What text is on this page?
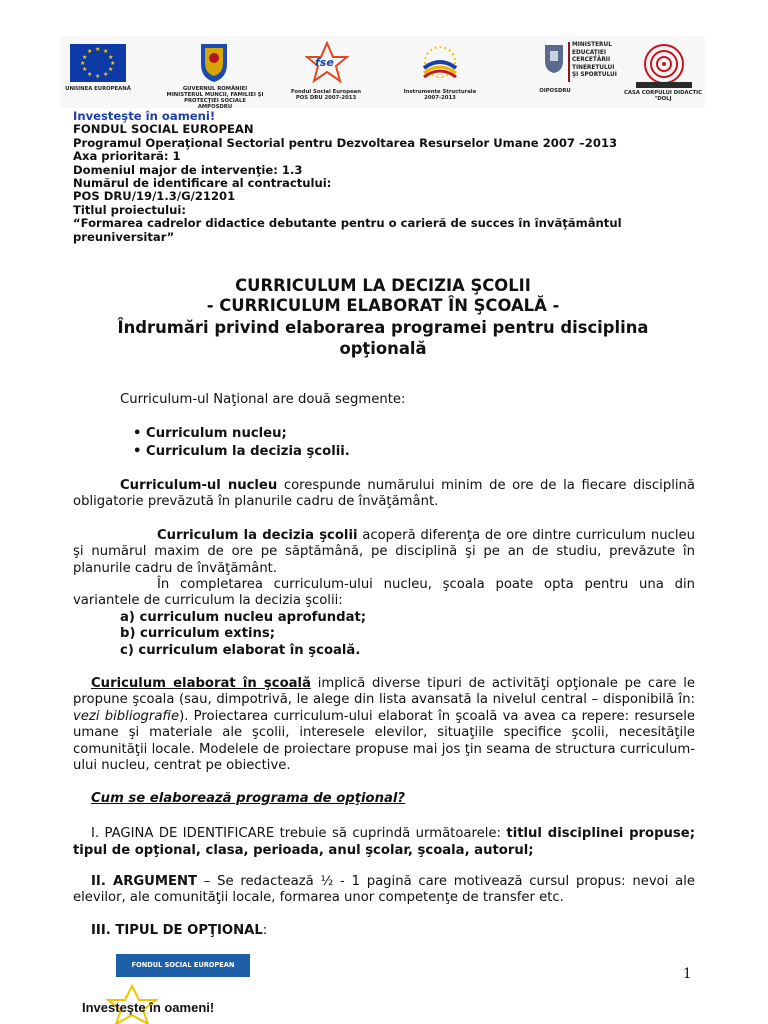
★ ★
★
★
★
★
★
★
★
★
★
★
UNIUNEA EUROPEANĂ	GUVERNUL ROMÂNIEI
MINISTERUL MUNCII, FAMILIEI ŞI
PROTECŢIEI SOCIALE
AMPOSDRU
fse
Fondul Social European
POS DRU 2007-2013
Instrumente Structurale
2007-2013
OIPOSDRU
MINISTERUL
EDUCAŢIEI
CERCETĂRII
TINERETULUI
ŞI SPORTULUI
CASA CORPULUI DIDACTIC
"DOLJ

Investeşte în oameni!

FONDUL SOCIAL EUROPEAN

Programul Operaţional Sectorial pentru Dezvoltarea Resurselor Umane 2007 –2013

Axa prioritară: 1

Domeniul major de intervenţie: 1.3

Numărul de identificare al contractului:

POS DRU/19/1.3/G/21201

Titlul proiectului:

“Formarea cadrelor didactice debutante pentru o carieră de succes în învăţământul

preuniversitar”

CURRICULUM LA DECIZIA ŞCOLII

- CURRICULUM ELABORAT ÎN ŞCOALĂ -

Îndrumări privind elaborarea programei pentru disciplina

opţională

Curriculum-ul Naţional are două segmente:

• Curriculum nucleu;

• Curriculum la decizia şcolii.

Curriculum-ul nucleu corespunde numărului minim de ore de la fiecare disciplină obligatorie prevăzută în planurile cadru de învăţământ.

Curriculum la decizia şcolii acoperă diferenţa de ore dintre curriculum nucleu şi numărul maxim de ore pe săptămână, pe disciplină şi pe an de studiu, prevăzute în planurile cadru de învăţământ.

În completarea curriculum-ului nucleu, şcoala poate opta pentru una din variantele de curriculum la decizia şcolii:

a) curriculum nucleu aprofundat;

b) curriculum extins;

c) curriculum elaborat în şcoală.

Curiculum elaborat în şcoală implică diverse tipuri de activităţi opţionale pe care le propune şcoala (sau, dimpotrivă, le alege din lista avansată la nivelul central – disponibilă în: vezi bibliografie). Proiectarea curriculum-ului elaborat în şcoală va avea ca repere: resursele umane şi materiale ale şcolii, interesele elevilor, situaţiile specifice şcolii, necesităţile comunităţii locale. Modelele de proiectare propuse mai jos ţin seama de structura curriculum-ului nucleu, centrat pe obiective.

Cum se elaborează programa de opţional?

I. PAGINA DE IDENTIFICARE trebuie să cuprindă următoarele: titlul disciplinei propuse; tipul de opţional, clasa, perioada, anul şcolar, şcoala, autorul;

II. ARGUMENT – Se redactează ½ - 1 pagină care motivează cursul propus: nevoi ale elevilor, ale comunităţii locale, formarea unor competenţe de transfer etc.

III. TIPUL DE OPŢIONAL:

FONDUL SOCIAL EUROPEAN
Investeşte în oameni!
1
